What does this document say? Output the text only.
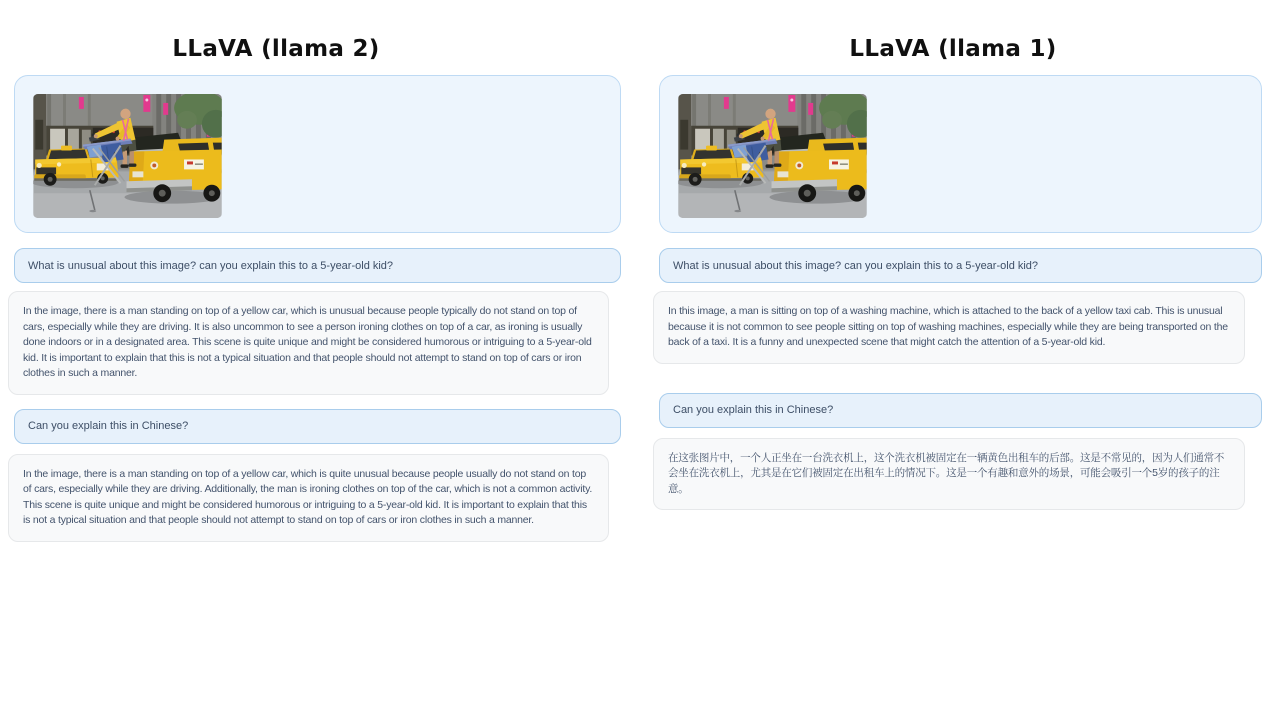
LLaVA (llama 2)
What is unusual about this image? can you explain this to a 5-year-old kid?
In the image, there is a man standing on top of a yellow car, which is unusual because people typically do not stand on top of cars, especially while they are driving. It is also uncommon to see a person ironing clothes on top of a car, as ironing is usually done indoors or in a designated area. This scene is quite unique and might be considered humorous or intriguing to a 5-year-old kid. It is important to explain that this is not a typical situation and that people should not attempt to stand on top of cars or iron clothes in such a manner.
Can you explain this in Chinese?
In the image, there is a man standing on top of a yellow car, which is quite unusual because people usually do not stand on top of cars, especially while they are driving. Additionally, the man is ironing clothes on top of the car, which is not a common activity. This scene is quite unique and might be considered humorous or intriguing to a 5-year-old kid. It is important to explain that this is not a typical situation and that people should not attempt to stand on top of cars or iron clothes in such a manner.
LLaVA (llama 1)
What is unusual about this image? can you explain this to a 5-year-old kid?
In this image, a man is sitting on top of a washing machine, which is attached to the back of a yellow taxi cab. This is unusual because it is not common to see people sitting on top of washing machines, especially while they are being transported on the back of a taxi. It is a funny and unexpected scene that might catch the attention of a 5-year-old kid.
Can you explain this in Chinese?
在这张图片中，一个人正坐在一台洗衣机上，这个洗衣机被固定在一辆黄色出租车的后部。这是不常见的，因为人们通常不会坐在洗衣机上，尤其是在它们被固定在出租车上的情况下。这是一个有趣和意外的场景，可能会吸引一个5岁的孩子的注意。
